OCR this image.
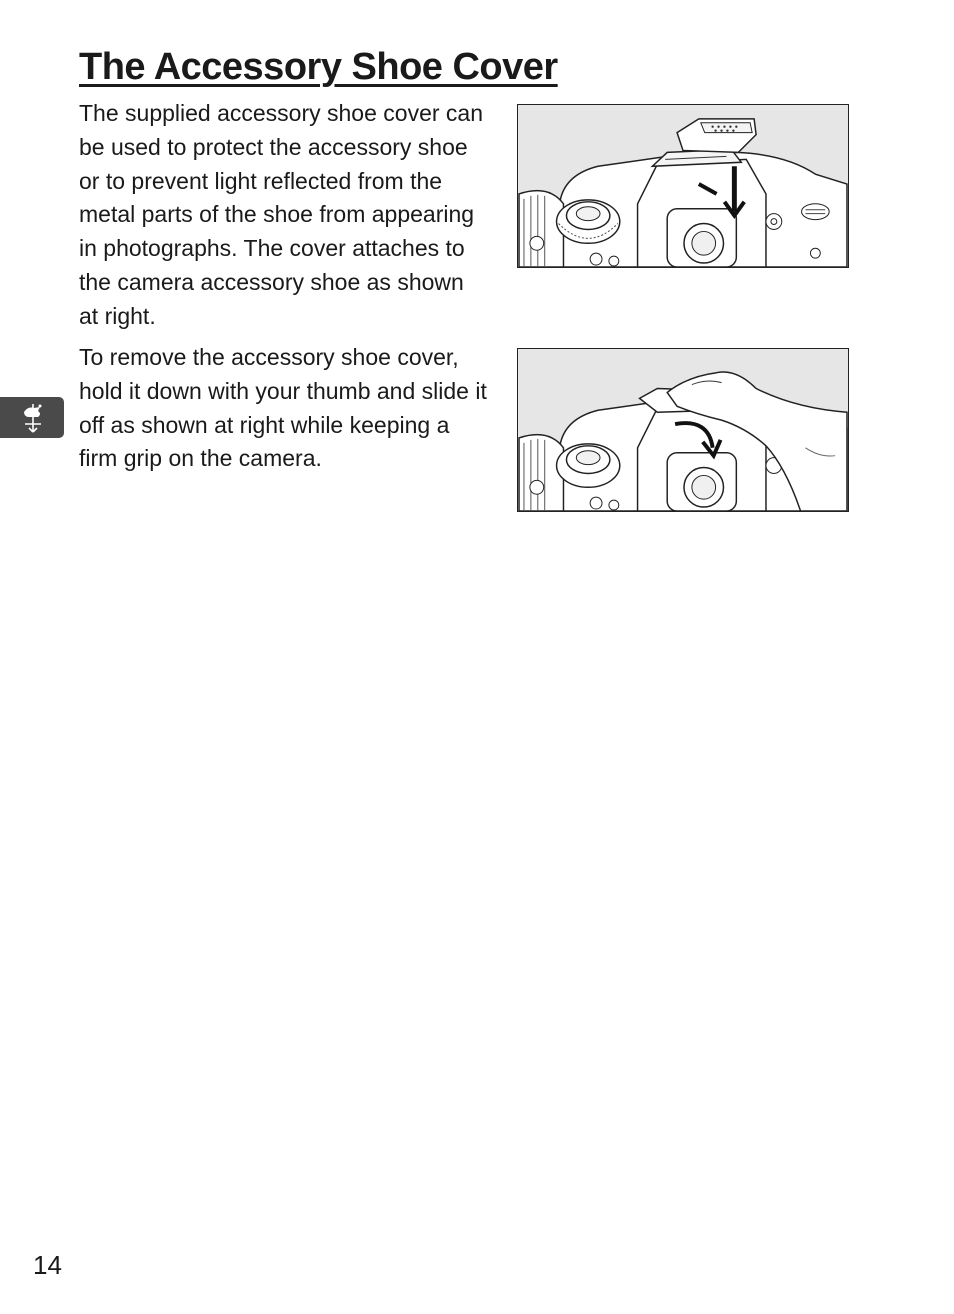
The Accessory Shoe Cover

The supplied accessory shoe cover can be used to protect the accessory shoe or to prevent light reflected from the metal parts of the shoe from appearing in photographs. The cover attaches to the camera accessory shoe as shown at right.

To remove the accessory shoe cover, hold it down with your thumb and slide it off as shown at right while keeping a firm grip on the camera.

14
